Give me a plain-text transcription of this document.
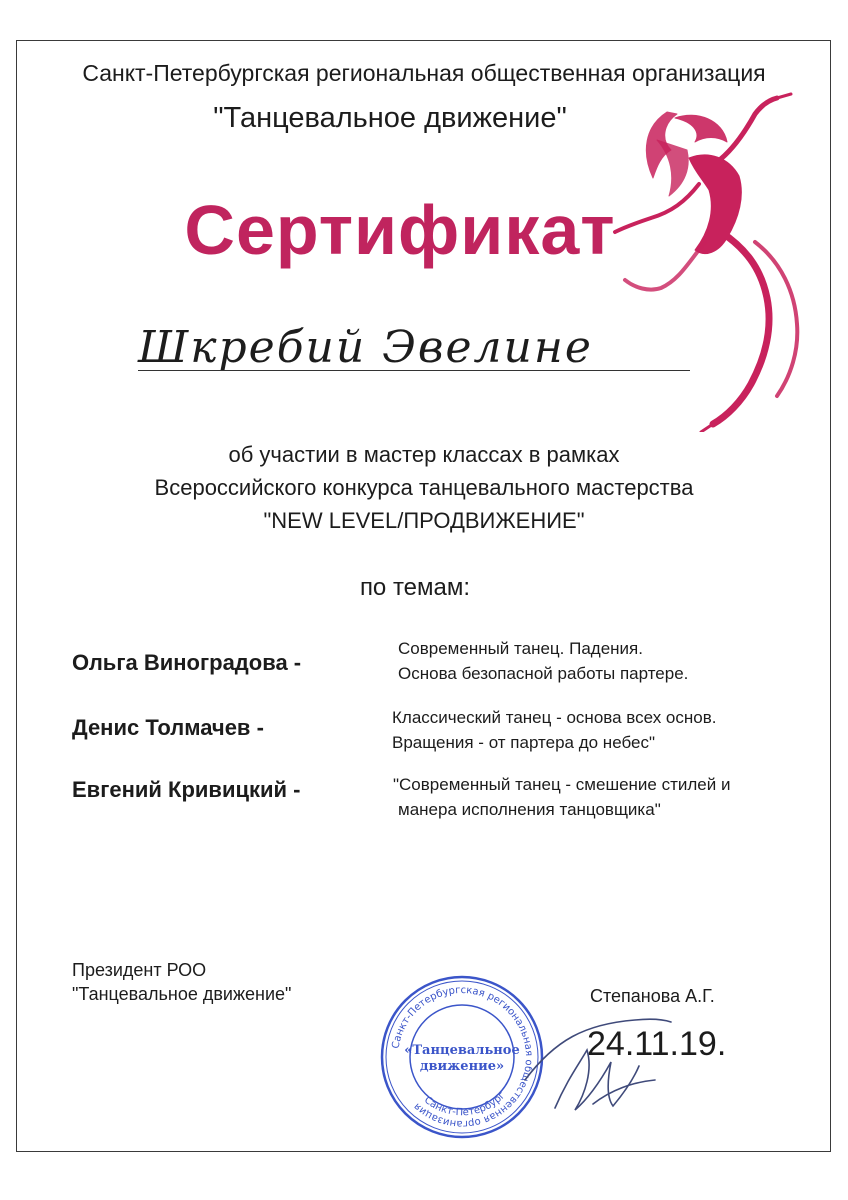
Санкт-Петербургская региональная общественная организация
"Танцевальное движение"
Сертификат
Шкребий Эвелине
об участии в мастер классах в рамках
Всероссийского конкурса танцевального мастерства
"NEW LEVEL/ПРОДВИЖЕНИЕ"
по темам:
Ольга Виноградова -
Современный танец. Падения.
Основа безопасной работы партере.
Денис Толмачев -	Классический танец - основа всех основ.
Вращения - от партера до небес"
Евгений Кривицкий -	"Современный танец - смешение стилей и
манера исполнения танцовщика"
Президент РОО
"Танцевальное движение"
Санкт-Петербургская региональная общественная организация
Санкт-Петербург
«Танцевальное
движение»
Степанова А.Г.
24.11.19.
